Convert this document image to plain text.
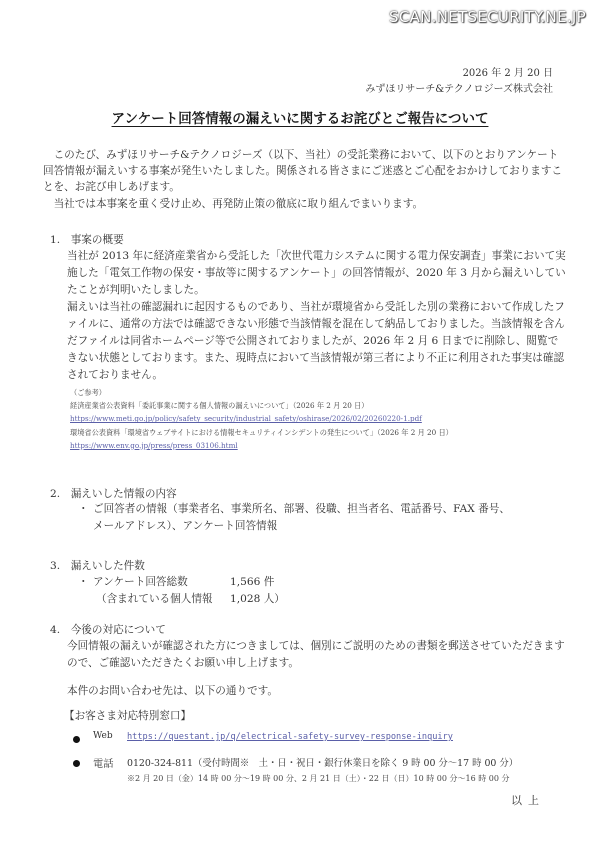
SCAN.NETSECURITY.NE.JP
2026 年 2 月 20 日
みずほリサーチ&テクノロジーズ株式会社
アンケート回答情報の漏えいに関するお詫びとご報告について

このたび、みずほリサーチ&テクノロジーズ（以下、当社）の受託業務において、以下のとおりアンケート回答情報が漏えいする事案が発生いたしました。関係される皆さまにご迷惑とご心配をおかけしておりますことを、お詫び申しあげます。

当社では本事案を重く受け止め、再発防止策の徹底に取り組んでまいります。

1.　事案の概要

当社が 2013 年に経済産業省から受託した「次世代電力システムに関する電力保安調査」事業において実施した「電気工作物の保安・事故等に関するアンケート」の回答情報が、2020 年 3 月から漏えいしていたことが判明いたしました。

漏えいは当社の確認漏れに起因するものであり、当社が環境省から受託した別の業務において作成したファイルに、通常の方法では確認できない形態で当該情報を混在して納品しておりました。当該情報を含んだファイルは同省ホームページ等で公開されておりましたが、2026 年 2 月 6 日までに削除し、閲覧できない状態としております。また、現時点において当該情報が第三者により不正に利用された事実は確認されておりません。

（ご参考）
経済産業省公表資料「委託事業に関する個人情報の漏えいについて」（2026 年 2 月 20 日）
https://www.meti.go.jp/policy/safety_security/industrial_safety/oshirase/2026/02/20260220-1.pdf
環境省公表資料「環境省ウェブサイトにおける情報セキュリティインシデントの発生について」（2026 年 2 月 20 日）
https://www.env.go.jp/press/press_03106.html
2.　漏えいした情報の内容
・ ご回答者の情報（事業者名、事業所名、部署、役職、担当者名、電話番号、FAX 番号、
メールアドレス）、アンケート回答情報
3.　漏えいした件数
・ アンケート回答総数	1,566 件
（含まれている個人情報 1,028 人）
4.　今後の対応について
今回情報の漏えいが確認された方につきましては、個別にご説明のための書類を郵送させていただきますので、ご確認いただきたくお願い申し上げます。
本件のお問い合わせ先は、以下の通りです。
【お客さま対応特別窓口】
Web https://questant.jp/q/electrical-safety-survey-response-inquiry
電話 0120-324-811（受付時間※　土・日・祝日・銀行休業日を除く 9 時 00 分～17 時 00 分）
※2 月 20 日（金）14 時 00 分～19 時 00 分、2 月 21 日（土）・22 日（日）10 時 00 分～16 時 00 分
以上
